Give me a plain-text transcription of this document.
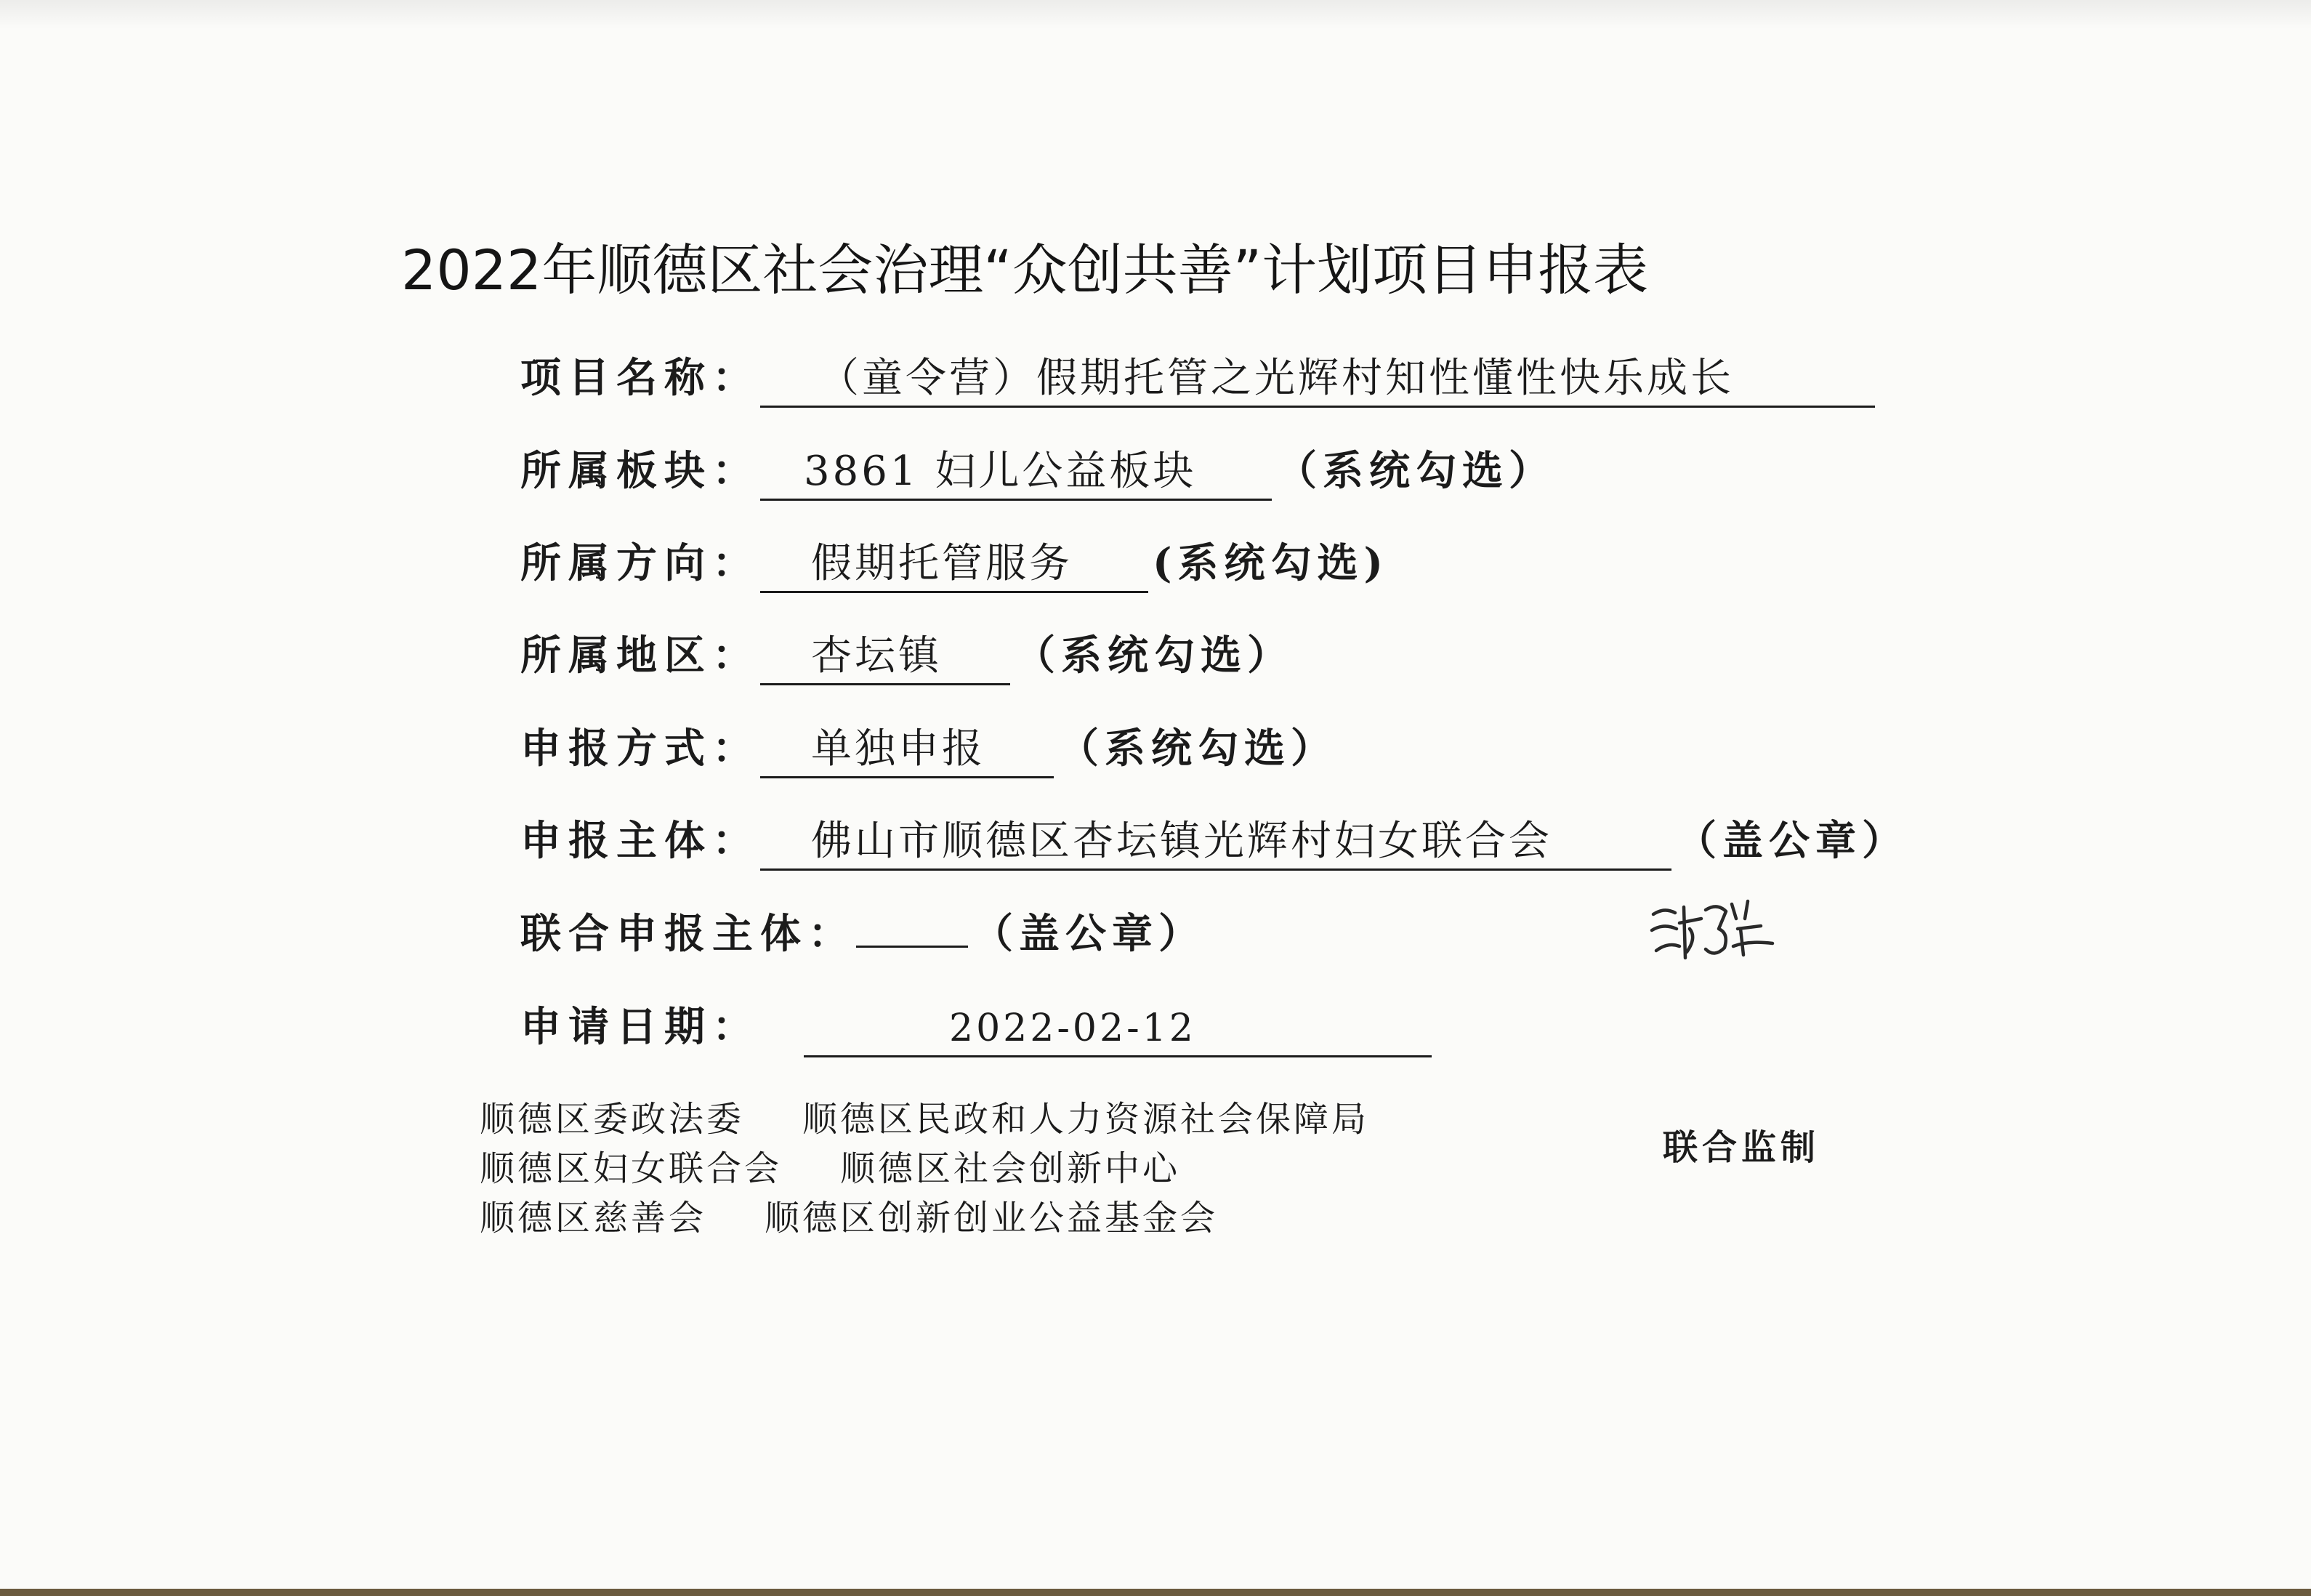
2022年顺德区社会治理“众创共善”计划项目申报表
项目名称： （童令营）假期托管之光辉村知性懂性快乐成长
所属板块： 3861 妇儿公益板块 （系统勾选）
所属方向： 假期托管服务 (系统勾选)
所属地区： 杏坛镇 （系统勾选）
申报方式： 单独申报 （系统勾选）
申报主体： 佛山市顺德区杏坛镇光辉村妇女联合会	（盖公章）
联合申报主体：	（盖公章）
申请日期：	2022-02-12
顺德区委政法委 顺德区民政和人力资源社会保障局
顺德区妇女联合会 顺德区社会创新中心
顺德区慈善会 顺德区创新创业公益基金会
联合监制
